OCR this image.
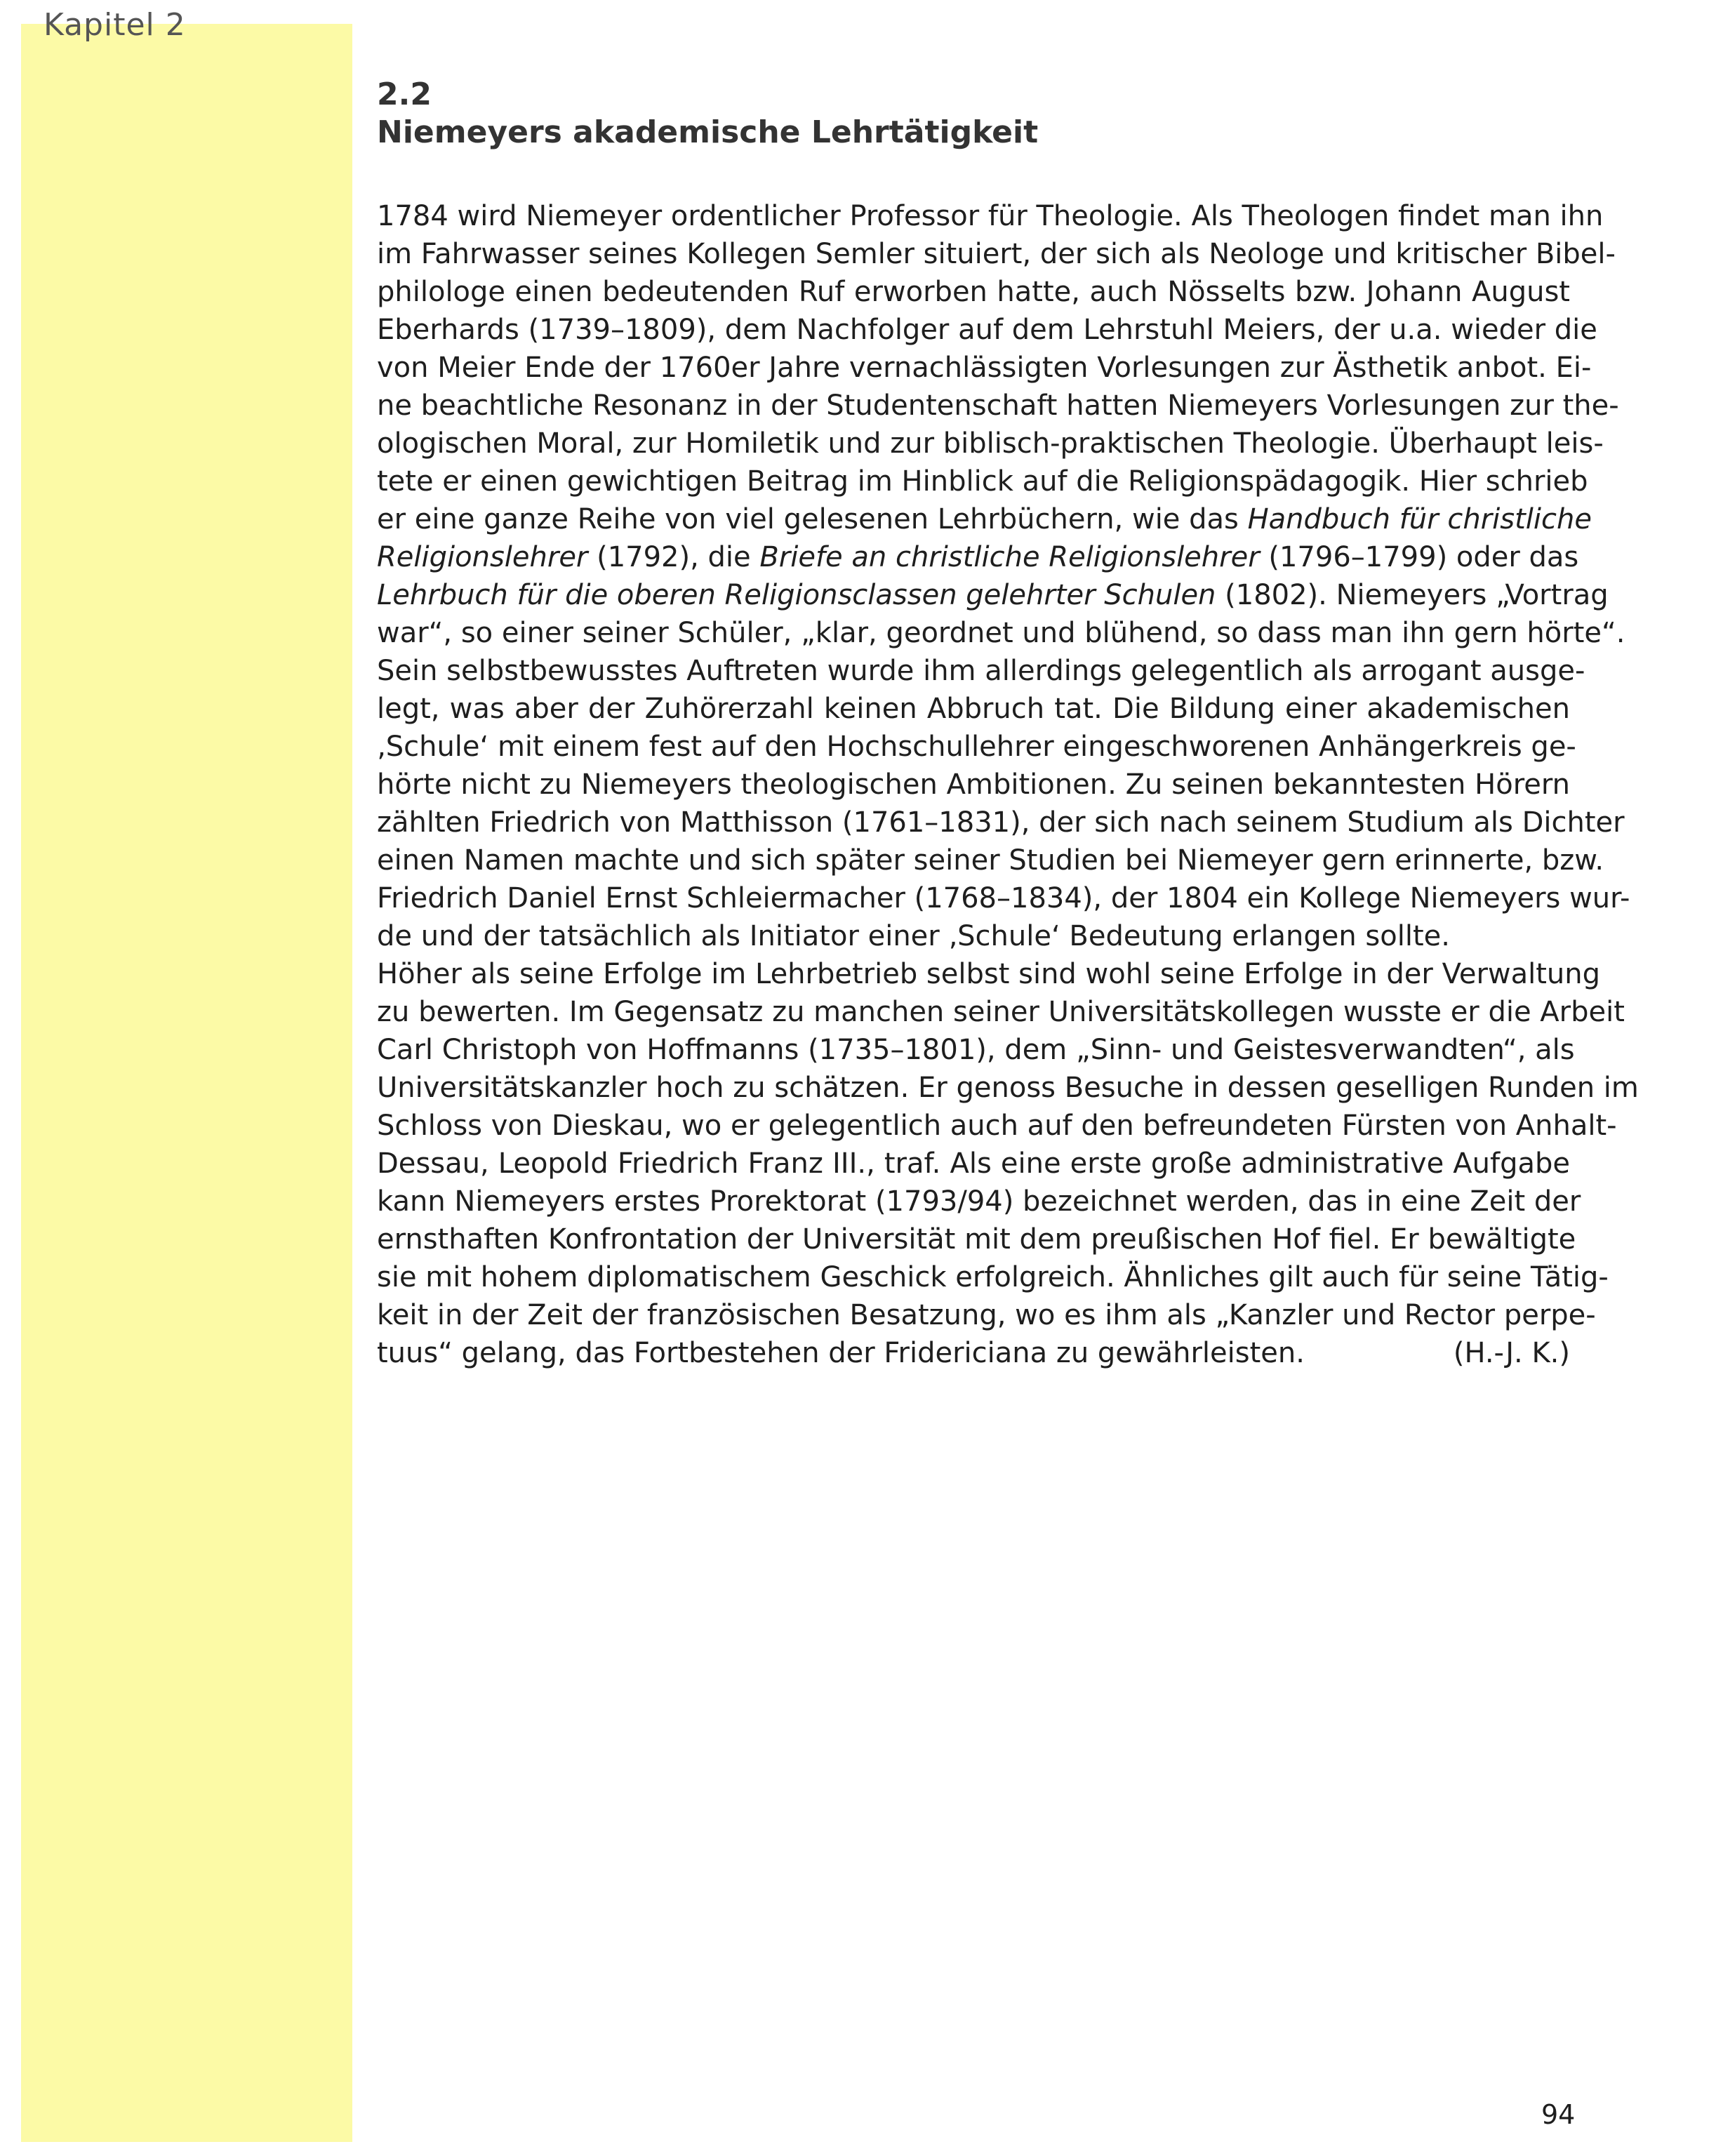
Kapitel 2

2.2
Niemeyers akademische Lehrtätigkeit
1784 wird Niemeyer ordentlicher Professor für Theologie. Als Theologen findet man ihn
im Fahrwasser seines Kollegen Semler situiert, der sich als Neologe und kritischer Bibel-
philologe einen bedeutenden Ruf erworben hatte, auch Nösselts bzw. Johann August
Eberhards (1739–1809), dem Nachfolger auf dem Lehrstuhl Meiers, der u.a. wieder die
von Meier Ende der 1760er Jahre vernachlässigten Vorlesungen zur Ästhetik anbot. Ei-
ne beachtliche Resonanz in der Studentenschaft hatten Niemeyers Vorlesungen zur the-
ologischen Moral, zur Homiletik und zur biblisch-praktischen Theologie. Überhaupt leis-
tete er einen gewichtigen Beitrag im Hinblick auf die Religionspädagogik. Hier schrieb
er eine ganze Reihe von viel gelesenen Lehrbüchern, wie das Handbuch für christliche
Religionslehrer (1792), die Briefe an christliche Religionslehrer (1796–1799) oder das
Lehrbuch für die oberen Religionsclassen gelehrter Schulen (1802). Niemeyers „Vortrag
war“, so einer seiner Schüler, „klar, geordnet und blühend, so dass man ihn gern hörte“.
Sein selbstbewusstes Auftreten wurde ihm allerdings gelegentlich als arrogant ausge-
legt, was aber der Zuhörerzahl keinen Abbruch tat. Die Bildung einer akademischen
‚Schule‘ mit einem fest auf den Hochschullehrer eingeschworenen Anhängerkreis ge-
hörte nicht zu Niemeyers theologischen Ambitionen. Zu seinen bekanntesten Hörern
zählten Friedrich von Matthisson (1761–1831), der sich nach seinem Studium als Dichter
einen Namen machte und sich später seiner Studien bei Niemeyer gern erinnerte, bzw.
Friedrich Daniel Ernst Schleiermacher (1768–1834), der 1804 ein Kollege Niemeyers wur-
de und der tatsächlich als Initiator einer ‚Schule‘ Bedeutung erlangen sollte.
Höher als seine Erfolge im Lehrbetrieb selbst sind wohl seine Erfolge in der Verwaltung
zu bewerten. Im Gegensatz zu manchen seiner Universitätskollegen wusste er die Arbeit
Carl Christoph von Hoffmanns (1735–1801), dem „Sinn- und Geistesverwandten“, als
Universitätskanzler hoch zu schätzen. Er genoss Besuche in dessen geselligen Runden im
Schloss von Dieskau, wo er gelegentlich auch auf den befreundeten Fürsten von Anhalt-
Dessau, Leopold Friedrich Franz III., traf. Als eine erste große administrative Aufgabe
kann Niemeyers erstes Prorektorat (1793/94) bezeichnet werden, das in eine Zeit der
ernsthaften Konfrontation der Universität mit dem preußischen Hof fiel. Er bewältigte
sie mit hohem diplomatischem Geschick erfolgreich. Ähnliches gilt auch für seine Tätig-
keit in der Zeit der französischen Besatzung, wo es ihm als „Kanzler und Rector perpe-
tuus“ gelang, das Fortbestehen der Fridericiana zu gewährleisten.	(H.-J. K.)

94
